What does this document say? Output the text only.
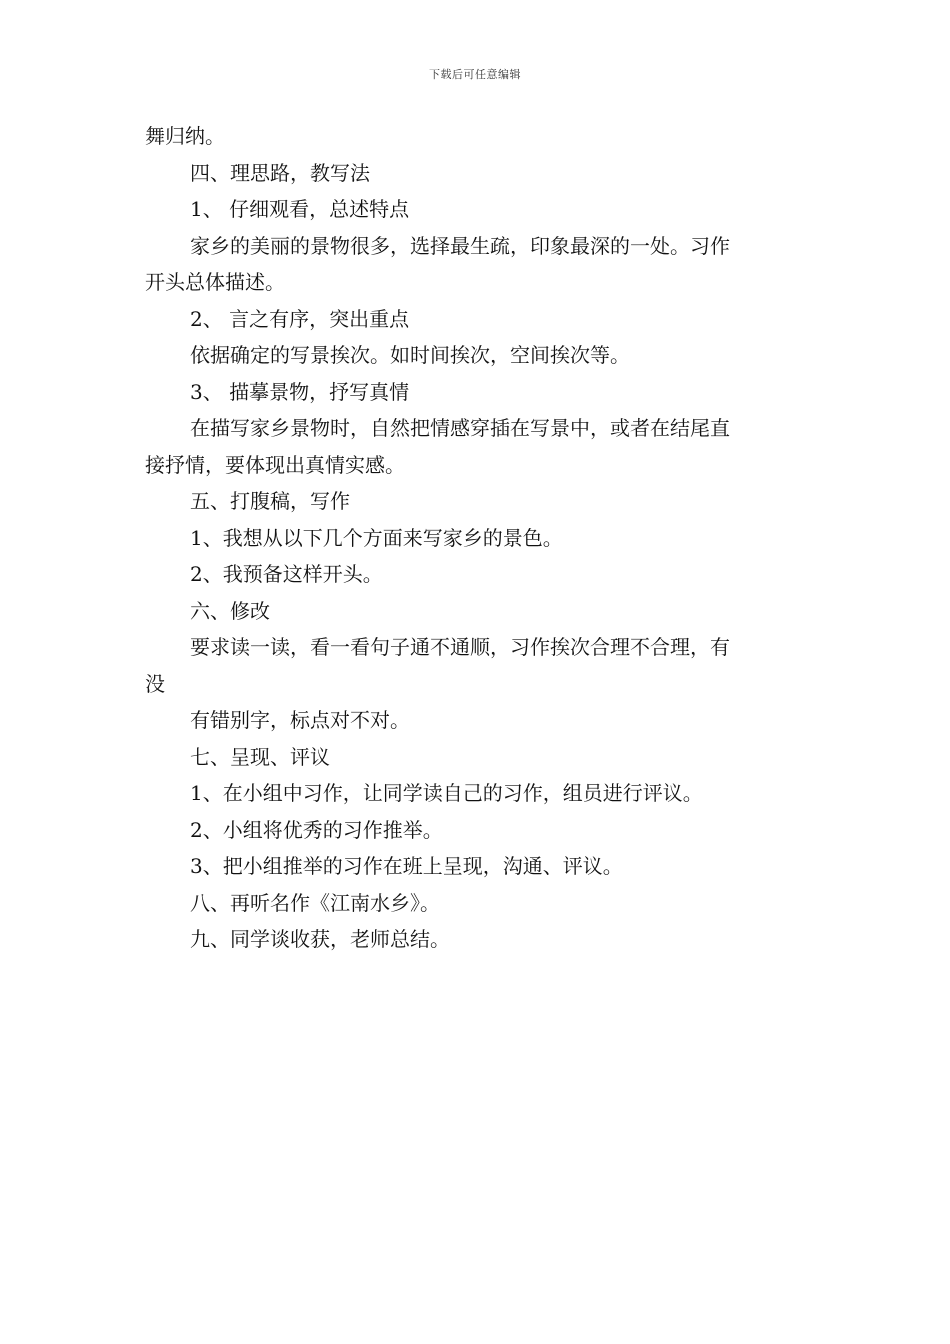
下载后可任意编辑
舞归纳。
四、理思路，教写法
1、 仔细观看，总述特点
家乡的美丽的景物很多，选择最生疏，印象最深的一处。习作
开头总体描述。
2、 言之有序，突出重点
依据确定的写景挨次。如时间挨次，空间挨次等。
3、 描摹景物，抒写真情
在描写家乡景物时，自然把情感穿插在写景中，或者在结尾直
接抒情，要体现出真情实感。
五、打腹稿，写作
1、我想从以下几个方面来写家乡的景色。
2、我预备这样开头。
六、修改
要求读一读，看一看句子通不通顺，习作挨次合理不合理，有
没
有错别字，标点对不对。
七、呈现、评议
1、在小组中习作，让同学读自己的习作，组员进行评议。
2、小组将优秀的习作推举。
3、把小组推举的习作在班上呈现，沟通、评议。
八、再听名作《江南水乡》。
九、同学谈收获，老师总结。
